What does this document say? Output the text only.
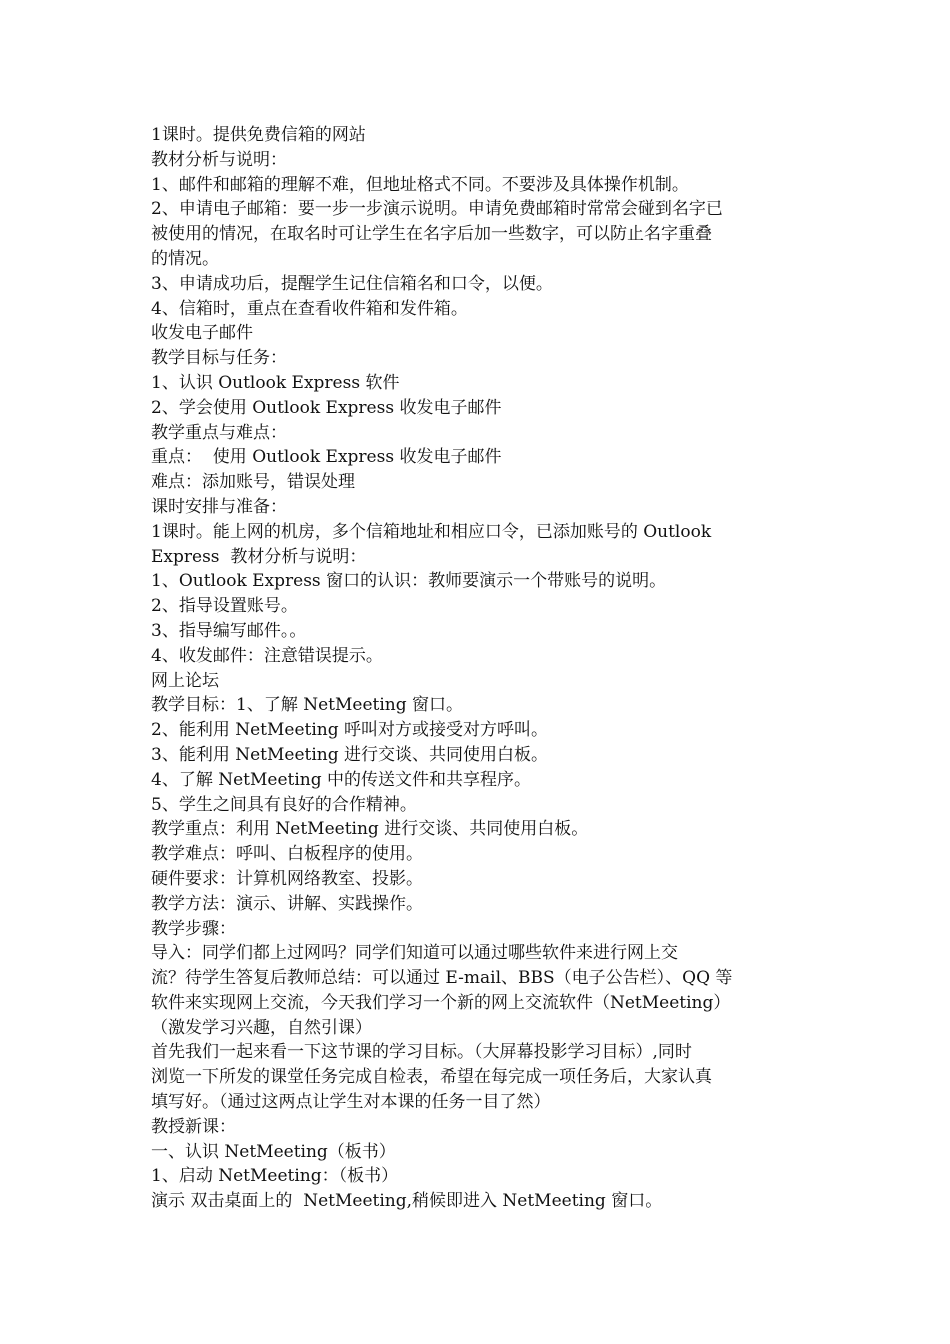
1课时。提供免费信箱的网站

教材分析与说明：

1、邮件和邮箱的理解不难，但地址格式不同。不要涉及具体操作机制。

2、申请电子邮箱：要一步一步演示说明。申请免费邮箱时常常会碰到名字已

被使用的情况，在取名时可让学生在名字后加一些数字，可以防止名字重叠

的情况。

3、申请成功后，提醒学生记住信箱名和口令，以便。

4、信箱时，重点在查看收件箱和发件箱。

收发电子邮件

教学目标与任务：

1、认识 Outlook Express 软件

2、学会使用 Outlook Express 收发电子邮件

教学重点与难点：

重点：  使用 Outlook Express 收发电子邮件

难点：添加账号，错误处理

课时安排与准备：

1课时。能上网的机房，多个信箱地址和相应口令，已添加账号的 Outlook

Express  教材分析与说明：

1、Outlook Express 窗口的认识：教师要演示一个带账号的说明。

2、指导设置账号。

3、指导编写邮件。。

4、收发邮件：注意错误提示。

网上论坛

教学目标：1、了解 NetMeeting 窗口。

2、能利用 NetMeeting 呼叫对方或接受对方呼叫。

3、能利用 NetMeeting 进行交谈、共同使用白板。

4、了解 NetMeeting 中的传送文件和共享程序。

5、学生之间具有良好的合作精神。

教学重点：利用 NetMeeting 进行交谈、共同使用白板。

教学难点：呼叫、白板程序的使用。

硬件要求：计算机网络教室、投影。

教学方法：演示、讲解、实践操作。

教学步骤：

导入：同学们都上过网吗？同学们知道可以通过哪些软件来进行网上交

流？待学生答复后教师总结：可以通过 E-mail、BBS（电子公告栏）、QQ 等

软件来实现网上交流，今天我们学习一个新的网上交流软件（NetMeeting）

（激发学习兴趣，自然引课）

首先我们一起来看一下这节课的学习目标。（大屏幕投影学习目标）,同时

浏览一下所发的课堂任务完成自检表，希望在每完成一项任务后，大家认真

填写好。（通过这两点让学生对本课的任务一目了然）

教授新课：

一、认识 NetMeeting（板书）

1、启动 NetMeeting：（板书）

演示 双击桌面上的  NetMeeting,稍候即进入 NetMeeting 窗口。
